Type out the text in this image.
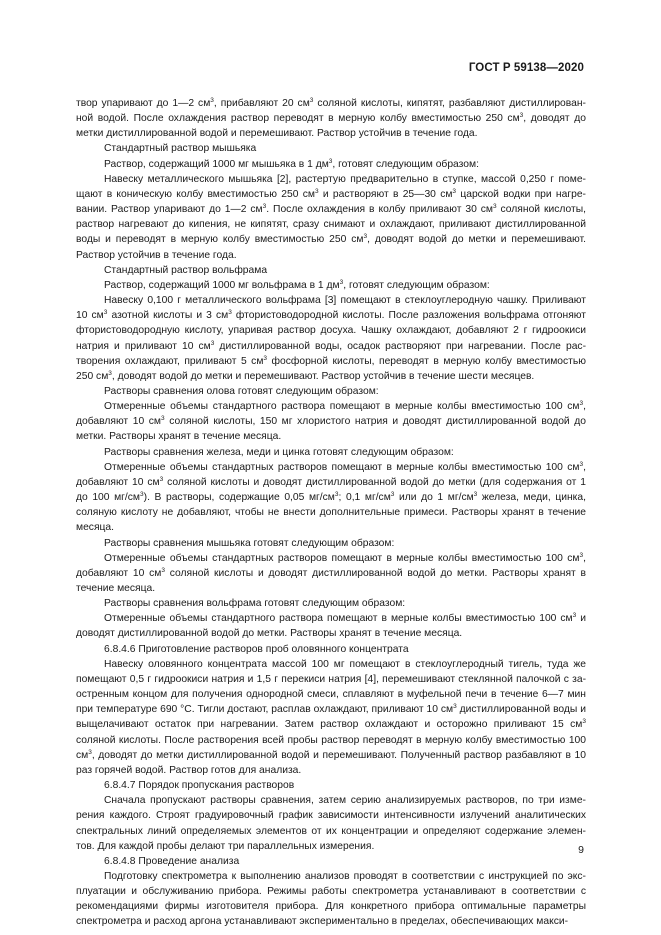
ГОСТ Р 59138—2020

твор упаривают до 1—2 $см^3$, прибавляют 20 $см^3$ соляной кислоты, кипятят, разбавляют дистиллирован-ной водой. После охлаждения раствор переводят в мерную колбу вместимостью 250 $см^3$, доводят до метки дистиллированной водой и перемешивают. Раствор устойчив в течение года.

Стандартный раствор мышьяка

Раствор, содержащий 1000 мг мышьяка в 1 $дм^3$, готовят следующим образом:

Навеску металлического мышьяка [2], растертую предварительно в ступке, массой 0,250 г поме-щают в коническую колбу вместимостью 250 $см^3$ и растворяют в 25—30 $см^3$ царской водки при нагре-вании. Раствор упаривают до 1—2 $см^3$. После охлаждения в колбу приливают 30 $см^3$ соляной кислоты, раствор нагревают до кипения, не кипятят, сразу снимают и охлаждают, приливают дистиллированной воды и переводят в мерную колбу вместимостью 250 $см^3$, доводят водой до метки и перемешивают. Раствор устойчив в течение года.

Стандартный раствор вольфрама

Раствор, содержащий 1000 мг вольфрама в 1 $дм^3$, готовят следующим образом:

Навеску 0,100 г металлического вольфрама [3] помещают в стеклоуглеродную чашку. Приливают 10 $см^3$ азотной кислоты и 3 $см^3$ фтористоводородной кислоты. После разложения вольфрама отгоняют фтористоводородную кислоту, упаривая раствор досуха. Чашку охлаждают, добавляют 2 г гидроокиси натрия и приливают 10 $см^3$ дистиллированной воды, осадок растворяют при нагревании. После рас-творения охлаждают, приливают 5 $см^3$ фосфорной кислоты, переводят в мерную колбу вместимостью 250 $см^3$, доводят водой до метки и перемешивают. Раствор устойчив в течение шести месяцев.

Растворы сравнения олова готовят следующим образом:

Отмеренные объемы стандартного раствора помещают в мерные колбы вместимостью 100 $см^3$, добавляют 10 $см^3$ соляной кислоты, 150 мг хлористого натрия и доводят дистиллированной водой до метки. Растворы хранят в течение месяца.

Растворы сравнения железа, меди и цинка готовят следующим образом:

Отмеренные объемы стандартных растворов помещают в мерные колбы вместимостью 100 $см^3$, добавляют 10 $см^3$ соляной кислоты и доводят дистиллированной водой до метки (для содержания от 1 до 100 $мг/см^3$). В растворы, содержащие 0,05 $мг/см^3$; 0,1 $мг/см^3$ или до 1 $мг/см^3$ железа, меди, цинка, соляную кислоту не добавляют, чтобы не внести дополнительные примеси. Растворы хранят в течение месяца.

Растворы сравнения мышьяка готовят следующим образом:

Отмеренные объемы стандартных растворов помещают в мерные колбы вместимостью 100 $см^3$, добавляют 10 $см^3$ соляной кислоты и доводят дистиллированной водой до метки. Растворы хранят в течение месяца.

Растворы сравнения вольфрама готовят следующим образом:

Отмеренные объемы стандартного раствора помещают в мерные колбы вместимостью 100 $см^3$ и доводят дистиллированной водой до метки. Растворы хранят в течение месяца.

6.8.4.6 Приготовление растворов проб оловянного концентрата

Навеску оловянного концентрата массой 100 мг помещают в стеклоуглеродный тигель, туда же помещают 0,5 г гидроокиси натрия и 1,5 г перекиси натрия [4], перемешивают стеклянной палочкой с за-остренным концом для получения однородной смеси, сплавляют в муфельной печи в течение 6—7 мин при температуре 690 °С. Тигли достают, расплав охлаждают, приливают 10 $см^3$ дистиллированной воды и выщелачивают остаток при нагревании. Затем раствор охлаждают и осторожно приливают 15 $см^3$ соляной кислоты. После растворения всей пробы раствор переводят в мерную колбу вместимостью 100 $см^3$, доводят до метки дистиллированной водой и перемешивают. Полученный раствор разбавляют в 10 раз горячей водой. Раствор готов для анализа.

6.8.4.7 Порядок пропускания растворов

Сначала пропускают растворы сравнения, затем серию анализируемых растворов, по три изме-рения каждого. Строят градуировочный график зависимости интенсивности излучений аналитических спектральных линий определяемых элементов от их концентрации и определяют содержание элемен-тов. Для каждой пробы делают три параллельных измерения.

6.8.4.8 Проведение анализа

Подготовку спектрометра к выполнению анализов проводят в соответствии с инструкцией по экс-плуатации и обслуживанию прибора. Режимы работы спектрометра устанавливают в соответствии с рекомендациями фирмы изготовителя прибора. Для конкретного прибора оптимальные параметры спектрометра и расход аргона устанавливают экспериментально в пределах, обеспечивающих макси-

9
